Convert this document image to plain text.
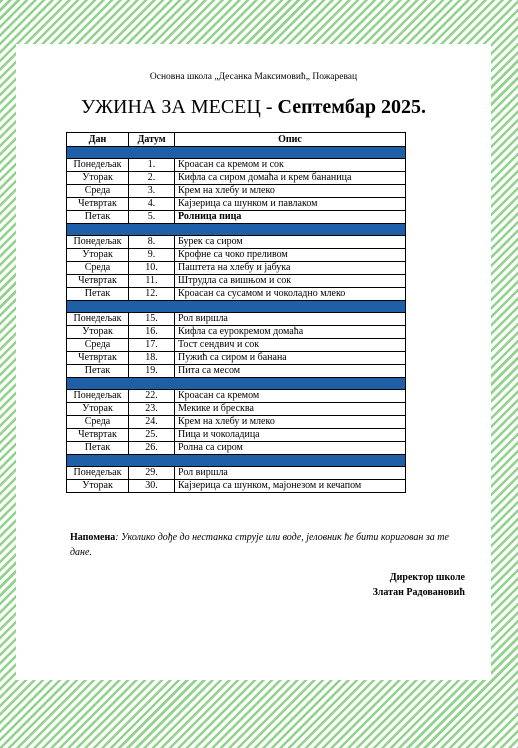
Основна школа „Десанка Максимовић„ Пожаревац
УЖИНА ЗА МЕСЕЦ - Септембар 2025.
Дан	Датум	Опис

Понедељак	1.	Кроасан са кремом и сок
Уторак	2.	Кифла са сиром домаћа и крем бананица
Среда	3.	Крем на хлебу и млеко
Четвртак	4.	Кајзерица са шунком и павлаком
Петак	5.	Ролница пица

Понедељак	8.	Бурек са сиром
Уторак	9.	Крофне са чоко преливом
Среда	10.	Паштета на хлебу и јабука
Четвртак	11.	Штрудла са вишњом и сок
Петак	12.	Кроасан са сусамом и чоколадно млеко

Понедељак	15.	Рол виршла
Уторак	16.	Кифла са еурокремом домаћа
Среда	17.	Тост сендвич и сок
Четвртак	18.	Пужић са сиром и банана
Петак	19.	Пита са месом

Понедељак	22.	Кроасан са кремом
Уторак	23.	Мекике и бресква
Среда	24.	Крем на хлебу и млеко
Четвртак	25.	Пица и чоколадица
Петак	26.	Ролна са сиром

Понедељак	29.	Рол виршла
Уторак	30.	Кајзерица са шунком, мајонезом и кечапом
Напомена: Уколико дође до нестанка струје или воде, јеловник ће бити коригован за те дане.
Директор школе
Златан Радовановић
